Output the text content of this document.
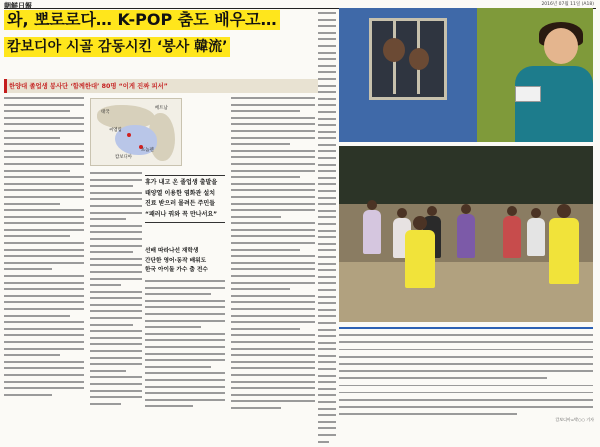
朝鮮日報	2016년 07월 11일 (A18)
와, 뽀로로다… K-POP 춤도 배우고…
캄보디아 시골 감동시킨 ‘봉사 韓流’
한양대 졸업생 봉사단 ‘함께한대’ 80명 “이게 진짜 피서”
태국
베트남
캄보디아
씨엠립
프놈펜

휴가 내고 온 졸업생 출발을

태양열 이용한 염화관 설치

진료 받으러 몰려든 주민들

“패러나 꿔와 꼭 만나서요”

선배 따라나선 재학생
간단한 영어·동작 배워도
한국 아이돌 가수 춤 전수
캄보디아=박○○ 기자
